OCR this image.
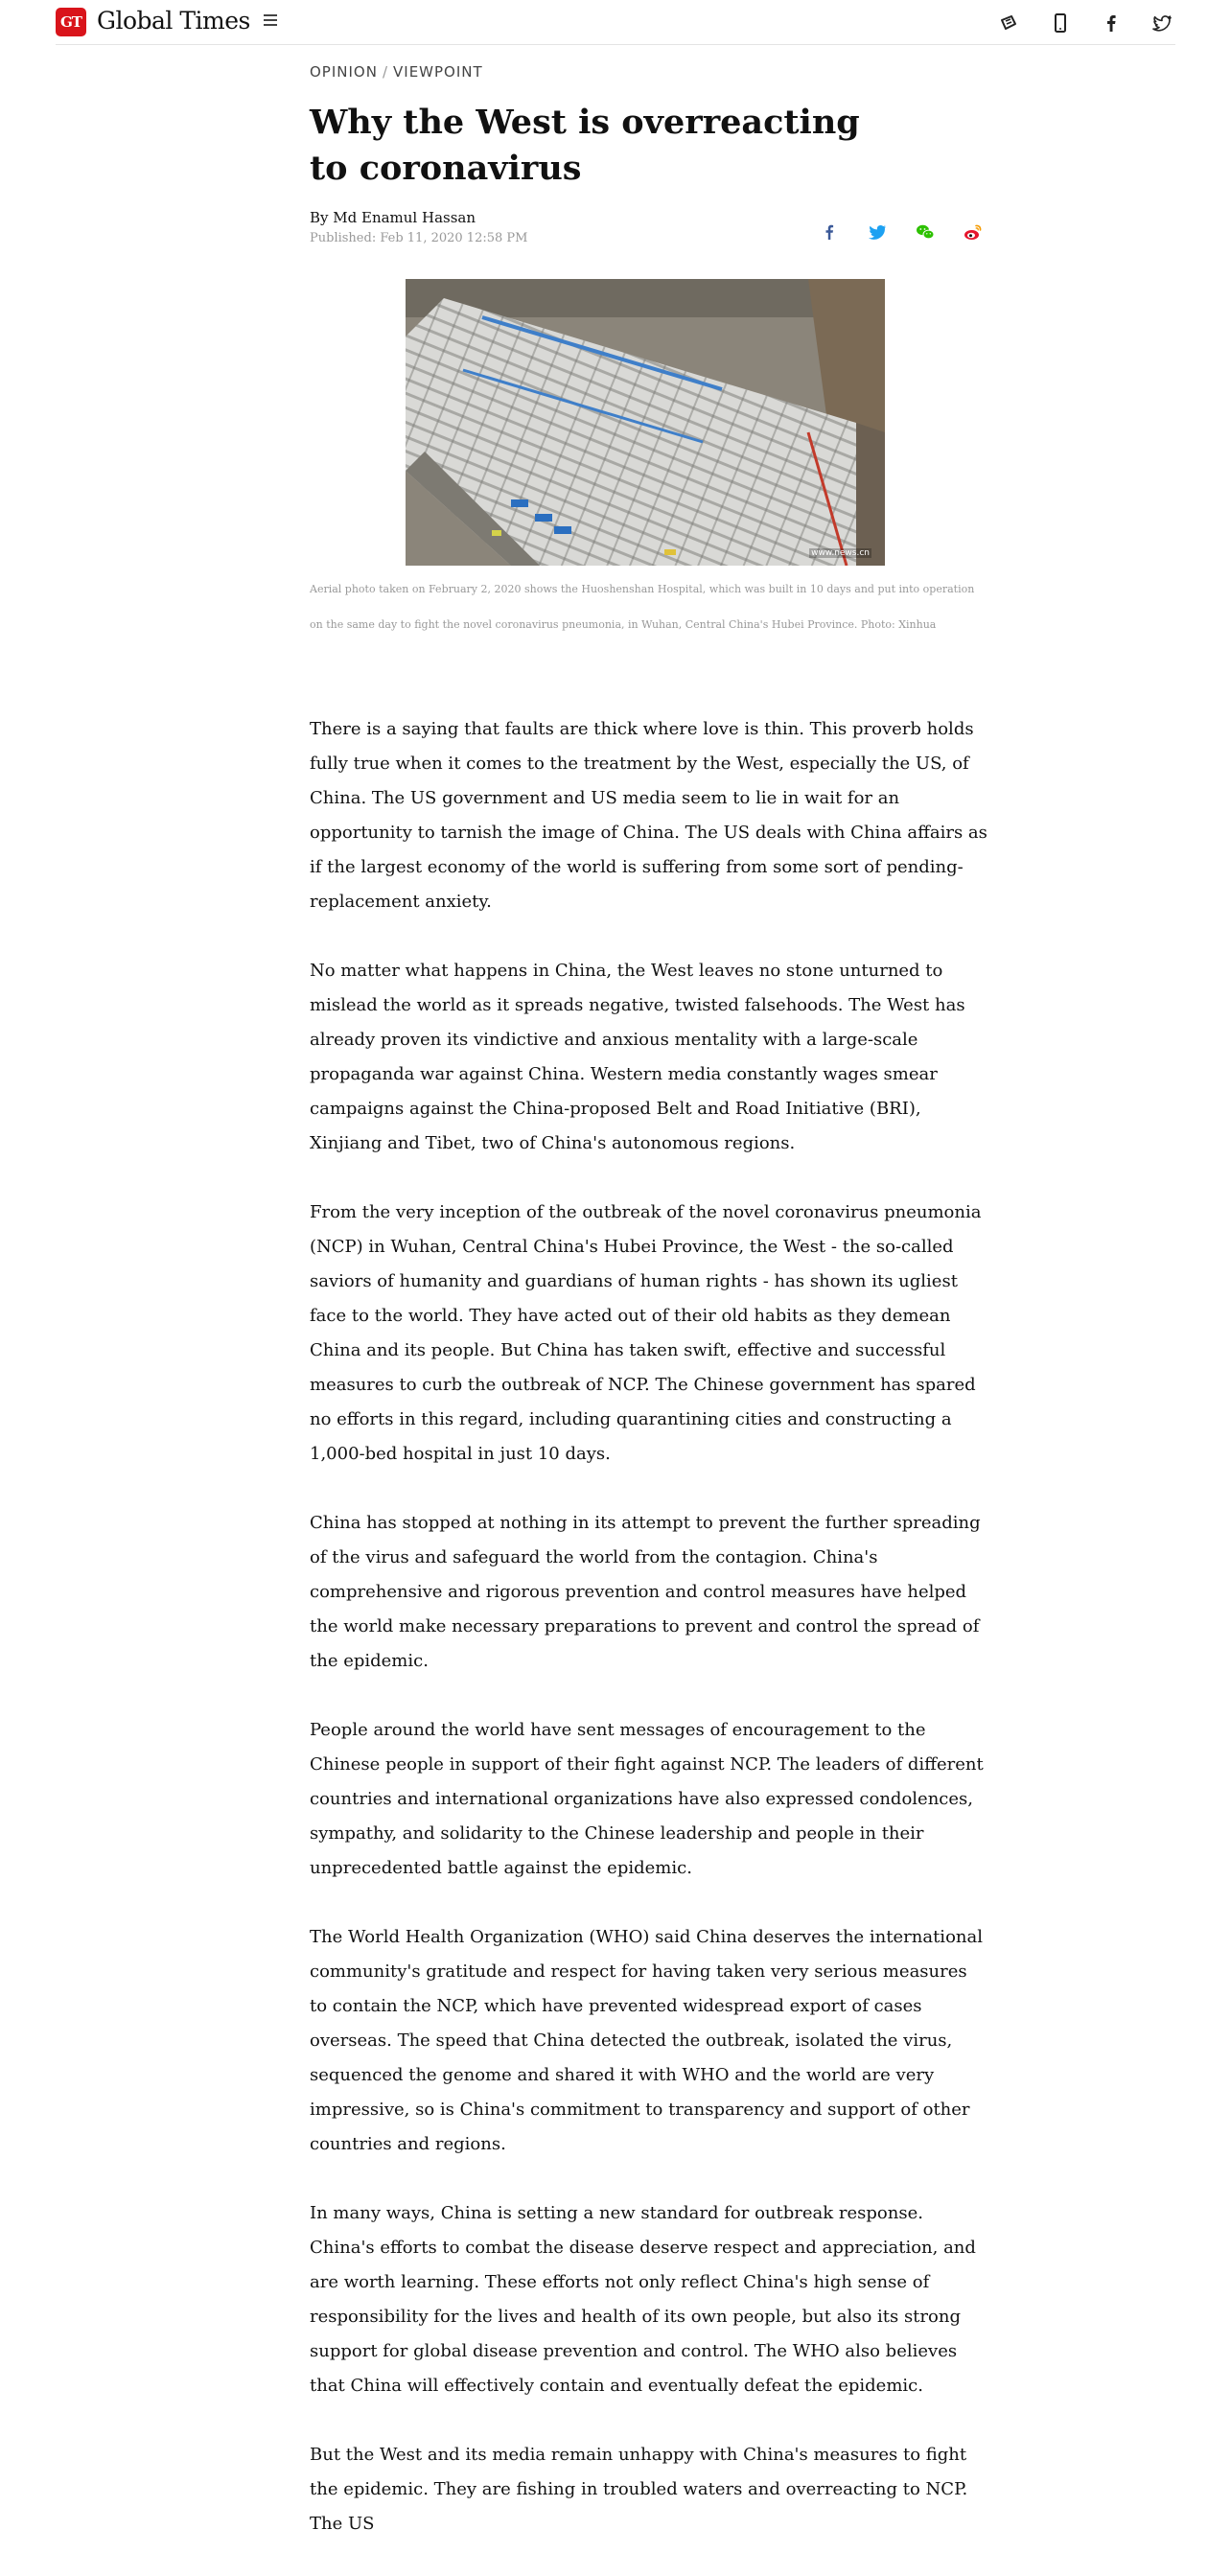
GT Global Times
OPINION / VIEWPOINT
Why the West is overreacting to coronavirus
By Md Enamul Hassan
Published: Feb 11, 2020 12:58 PM
www.news.cn
Aerial photo taken on February 2, 2020 shows the Huoshenshan Hospital, which was built in 10 days and put into operation on the same day to fight the novel coronavirus pneumonia, in Wuhan, Central China's Hubei Province. Photo: Xinhua

There is a saying that faults are thick where love is thin. This proverb holds fully true when it comes to the treatment by the West, especially the US, of China. The US government and US media seem to lie in wait for an opportunity to tarnish the image of China. The US deals with China affairs as if the largest economy of the world is suffering from some sort of pending-replacement anxiety.

No matter what happens in China, the West leaves no stone unturned to mislead the world as it spreads negative, twisted falsehoods. The West has already proven its vindictive and anxious mentality with a large-scale propaganda war against China. Western media constantly wages smear campaigns against the China-proposed Belt and Road Initiative (BRI), Xinjiang and Tibet, two of China's autonomous regions.

From the very inception of the outbreak of the novel coronavirus pneumonia (NCP) in Wuhan, Central China's Hubei Province, the West - the so-called saviors of humanity and guardians of human rights - has shown its ugliest face to the world. They have acted out of their old habits as they demean China and its people. But China has taken swift, effective and successful measures to curb the outbreak of NCP. The Chinese government has spared no efforts in this regard, including quarantining cities and constructing a 1,000-bed hospital in just 10 days.

China has stopped at nothing in its attempt to prevent the further spreading of the virus and safeguard the world from the contagion. China's comprehensive and rigorous prevention and control measures have helped the world make necessary preparations to prevent and control the spread of the epidemic.

People around the world have sent messages of encouragement to the Chinese people in support of their fight against NCP. The leaders of different countries and international organizations have also expressed condolences, sympathy, and solidarity to the Chinese leadership and people in their unprecedented battle against the epidemic.

The World Health Organization (WHO) said China deserves the international community's gratitude and respect for having taken very serious measures to contain the NCP, which have prevented widespread export of cases overseas. The speed that China detected the outbreak, isolated the virus, sequenced the genome and shared it with WHO and the world are very impressive, so is China's commitment to transparency and support of other countries and regions.

In many ways, China is setting a new standard for outbreak response. China's efforts to combat the disease deserve respect and appreciation, and are worth learning. These efforts not only reflect China's high sense of responsibility for the lives and health of its own people, but also its strong support for global disease prevention and control. The WHO also believes that China will effectively contain and eventually defeat the epidemic.

But the West and its media remain unhappy with China's measures to fight the epidemic. They are fishing in troubled waters and overreacting to NCP. The US
